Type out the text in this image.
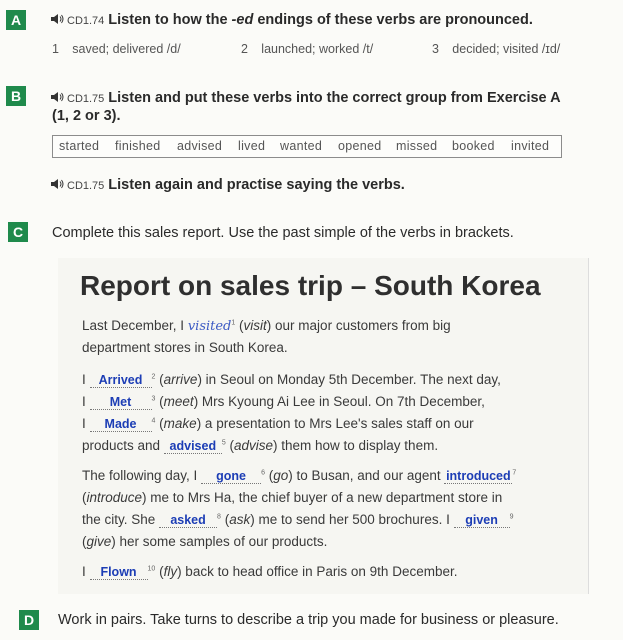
A	CD1.74 Listen to how the -ed endings of these verbs are pronounced.
1 saved; delivered /d/	2 launched; worked /t/	3 decided; visited /ɪd/
B	CD1.75 Listen and put these verbs into the correct group from Exercise A
(1, 2 or 3).
started finished advised lived wanted opened missed booked invited
CD1.75 Listen again and practise saying the verbs.
C	Complete this sales report. Use the past simple of the verbs in brackets.
Report on sales trip – South Korea
Last December, I visited$^1$ (visit) our major customers from big
department stores in South Korea.
I Arrived $^2$ (arrive) in Seoul on Monday 5th December. The next day,
I Met	$^3$ (meet) Mrs Kyoung Ai Lee in Seoul. On 7th December,
I Made $^4$ (make) a presentation to Mrs Lee's sales staff on our
products and advised $^5$ (advise) them how to display them.
The following day, I gone $^6$ (go) to Busan, and our agent introduced $^7$
(introduce) me to Mrs Ha, the chief buyer of a new department store in
the city. She asked $^8$ (ask) me to send her 500 brochures. I given $^9$
(give) her some samples of our products.
I Flown $^{10}$ (fly) back to head office in Paris on 9th December.
D	Work in pairs. Take turns to describe a trip you made for business or pleasure.
